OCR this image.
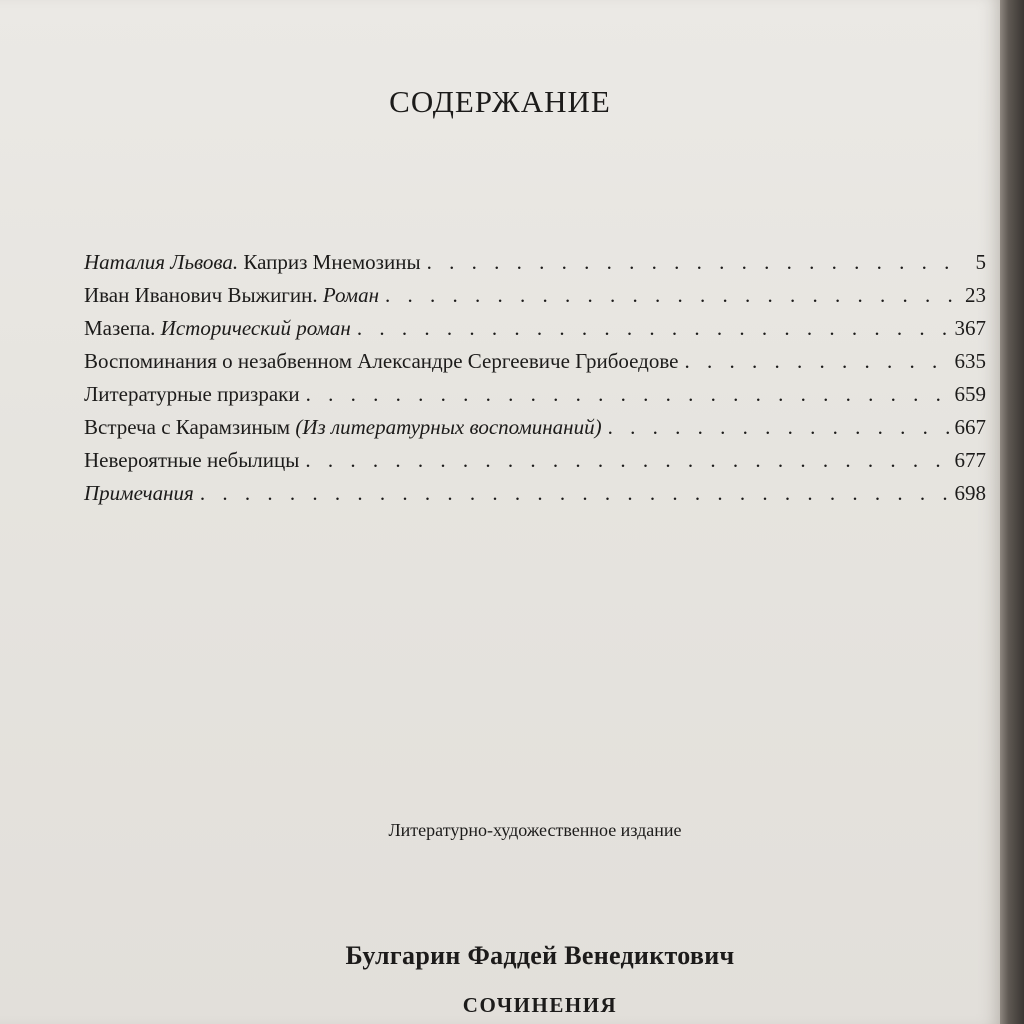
СОДЕРЖАНИЕ
Наталия Львова. Каприз Мнемозины . . .	5
Иван Иванович Выжигин. Роман . . .	23
Мазепа. Исторический роман . . .	367
Воспоминания о незабвенном Александре Сергеевиче Грибоедове . . .	635
Литературные призраки . . .	659
Встреча с Карамзиным (Из литературных воспоминаний) . . .	667
Невероятные небылицы . . .	677
Примечания . . .	698
Литературно-художественное издание
Булгарин Фаддей Венедиктович
СОЧИНЕНИЯ
